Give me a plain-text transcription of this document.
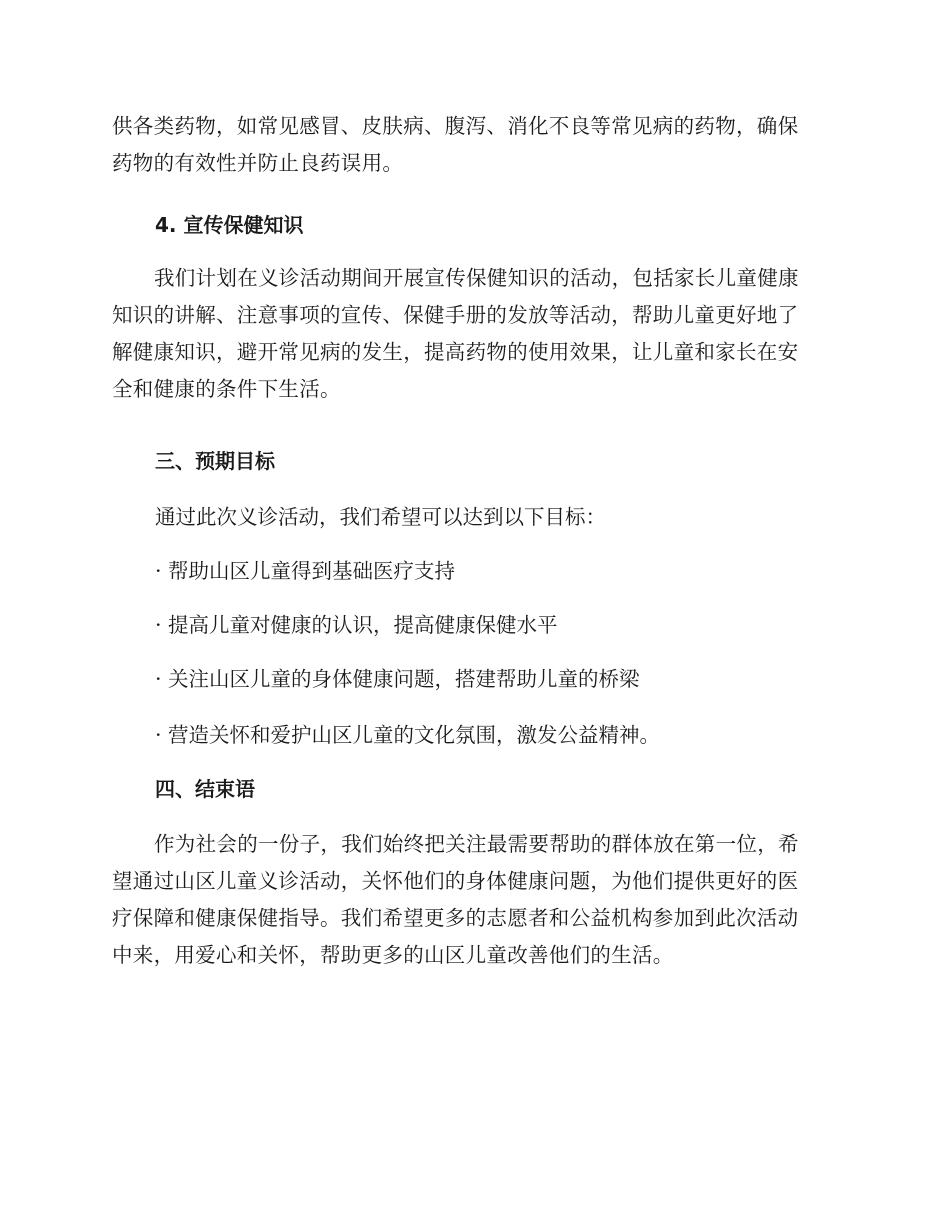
供各类药物，如常见感冒、皮肤病、腹泻、消化不良等常见病的药物，确保
药物的有效性并防止良药误用。

4. 宣传保健知识

我们计划在义诊活动期间开展宣传保健知识的活动，包括家长儿童健康
知识的讲解、注意事项的宣传、保健手册的发放等活动，帮助儿童更好地了
解健康知识，避开常见病的发生，提高药物的使用效果，让儿童和家长在安
全和健康的条件下生活。

三、预期目标

通过此次义诊活动，我们希望可以达到以下目标：

· 帮助山区儿童得到基础医疗支持

· 提高儿童对健康的认识，提高健康保健水平

· 关注山区儿童的身体健康问题，搭建帮助儿童的桥梁

· 营造关怀和爱护山区儿童的文化氛围，激发公益精神。

四、结束语

作为社会的一份子，我们始终把关注最需要帮助的群体放在第一位，希
望通过山区儿童义诊活动，关怀他们的身体健康问题，为他们提供更好的医
疗保障和健康保健指导。我们希望更多的志愿者和公益机构参加到此次活动
中来，用爱心和关怀，帮助更多的山区儿童改善他们的生活。
